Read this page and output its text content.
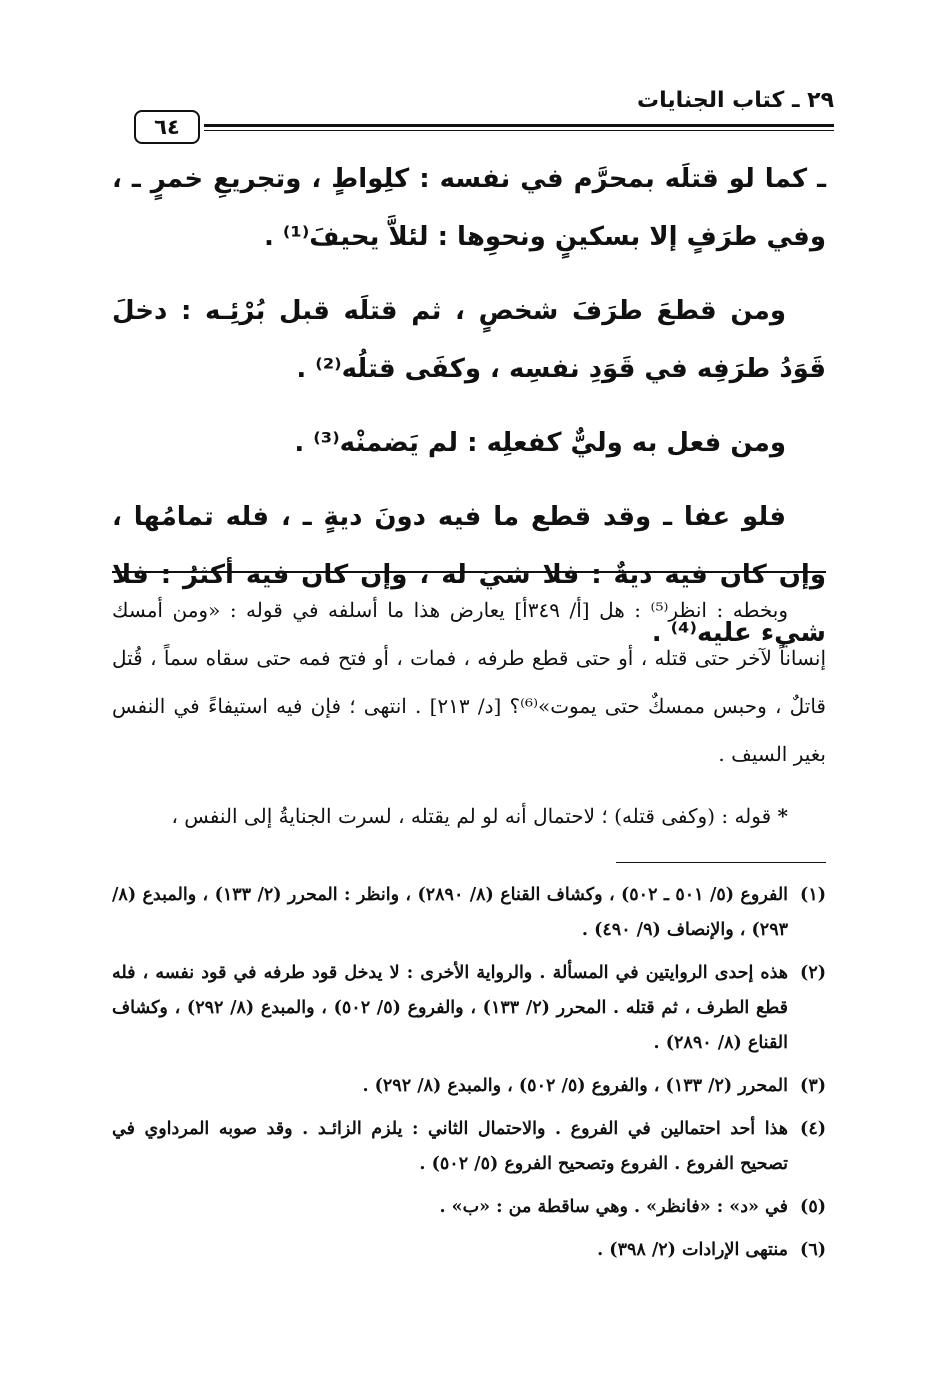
٢٩ ـ كتاب الجنايات
٦٤

ـ كما لو قتلَه بمحرَّم في نفسه : كلِواطٍ ، وتجريعِ خمرٍ ـ ، وفي طرَفٍ إلا بسكينٍ ونحوِها : لئلاَّ يحيفَ⁽¹⁾ .

ومن قطعَ طرَفَ شخصٍ ، ثم قتلَه قبل بُرْئِـه : دخلَ قَوَدُ طرَفِه في قَوَدِ نفسِه ، وكفَى قتلُه⁽²⁾ .

ومن فعل به وليٌّ كفعلِه : لم يَضمنْه⁽³⁾ .

فلو عفا ـ وقد قطع ما فيه دونَ ديةٍ ـ ، فله تمامُها ، وإن كان فيه ديةٌ : فلا شيَ له ، وإن كان فيه أكثرُ : فلا شيء عليه⁽⁴⁾ .

وبخطه : انظر⁽⁵⁾ : هل [أ/ ٣٤٩أ] يعارض هذا ما أسلفه في قوله : «ومن أمسك إنساناً لآخر حتى قتله ، أو حتى قطع طرفه ، فمات ، أو فتح فمه حتى سقاه سماً ، قُتل قاتلٌ ، وحبس ممسكٌ حتى يموت»⁽⁶⁾؟ [د/ ٢١٣] . انتهى ؛ فإن فيه استيفاءً في النفس بغير السيف .

* قوله : (وكفى قتله) ؛ لاحتمال أنه لو لم يقتله ، لسرت الجنايةُ إلى النفس ،

(١)
الفروع (٥/ ٥٠١ ـ ٥٠٢) ، وكشاف القناع (٨/ ٢٨٩٠) ، وانظر : المحرر (٢/ ١٣٣) ، والمبدع (٨/ ٢٩٣) ، والإنصاف (٩/ ٤٩٠) .
(٢)
هذه إحدى الروايتين في المسألة . والرواية الأخرى : لا يدخل قود طرفه في قود نفسه ، فله قطع الطرف ، ثم قتله . المحرر (٢/ ١٣٣) ، والفروع (٥/ ٥٠٢) ، والمبدع (٨/ ٢٩٢) ، وكشاف القناع (٨/ ٢٨٩٠) .
(٣)
المحرر (٢/ ١٣٣) ، والفروع (٥/ ٥٠٢) ، والمبدع (٨/ ٢٩٢) .
(٤)
هذا أحد احتمالين في الفروع . والاحتمال الثاني : يلزم الزائـد . وقد صوبه المرداوي في تصحيح الفروع . الفروع وتصحيح الفروع (٥/ ٥٠٢) .
(٥)
في «د» : «فانظر» . وهي ساقطة من : «ب» .
(٦)
منتهى الإرادات (٢/ ٣٩٨) .
